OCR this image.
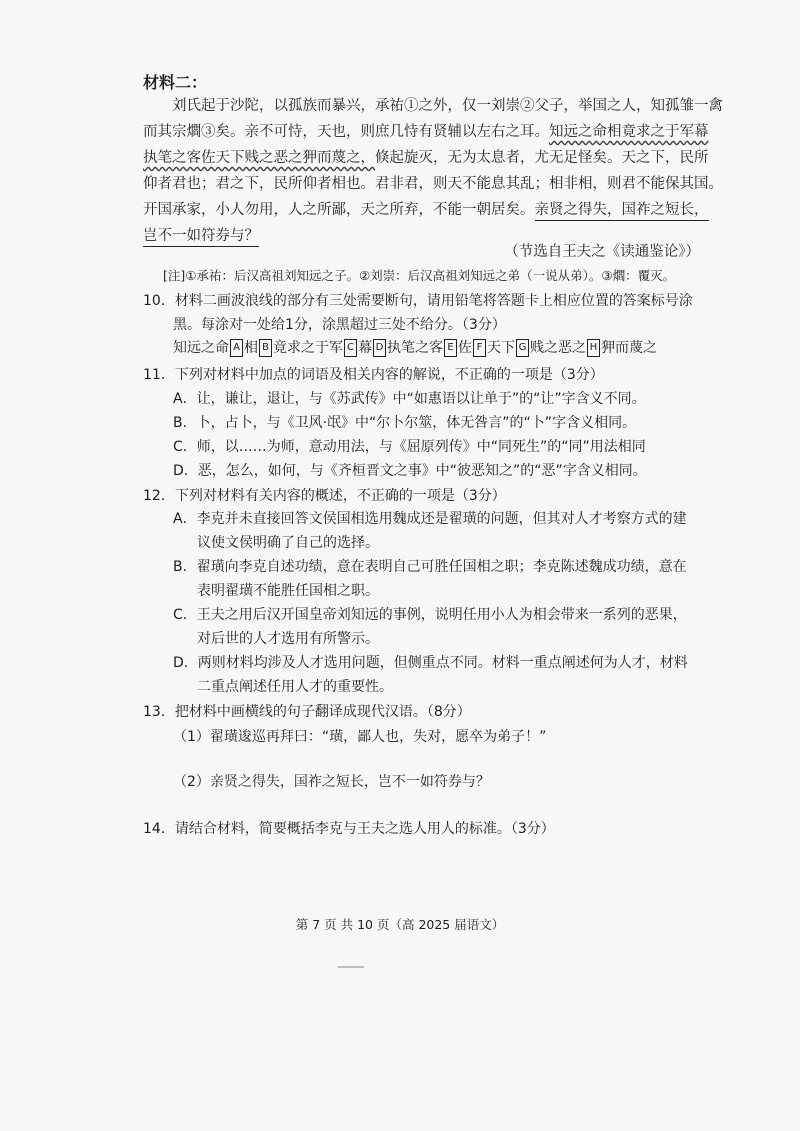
材料二：
刘氏起于沙陀，以孤族而暴兴，承祐①之外，仅一刘崇②父子，举国之人，知孤雏一禽
而其宗爓③矣。亲不可恃，天也，则庶几恃有贤辅以左右之耳。知远之命相竟求之于军幕
执笔之客佐天下贱之恶之狎而蔑之，倏起旋灭，无为太息者，尤无足怪矣。天之下，民所
仰者君也；君之下，民所仰者相也。君非君，则天不能息其乱；相非相，则君不能保其国。
开国承家，小人勿用，人之所鄙，天之所弃，不能一朝居矣。亲贤之得失，国祚之短长，
岂不一如符券与？
（节选自王夫之《读通鉴论》）
[注]①承祐：后汉高祖刘知远之子。②刘崇：后汉高祖刘知远之弟（一说从弟）。③爓：覆灭。
10．材料二画波浪线的部分有三处需要断句，请用铅笔将答题卡上相应位置的答案标号涂
黑。每涂对一处给1分，涂黑超过三处不给分。（3分）
知远之命 A 相 B 竟求之于军 C 幕 D 执笔之客 E 佐 F 天下 G 贱之恶之 H 狎而蔑之
11．下列对材料中加点的词语及相关内容的解说，不正确的一项是（3分）
A．让，谦让，退让，与《苏武传》中“如惠语以让单于”的“让”字含义不同。
B．卜，占卜，与《卫风·氓》中“尔卜尔筮，体无咎言”的“卜”字含义相同。
C．师，以……为师，意动用法，与《屈原列传》中“同死生”的“同”用法相同
D．恶，怎么，如何，与《齐桓晋文之事》中“彼恶知之”的“恶”字含义相同。
12．下列对材料有关内容的概述，不正确的一项是（3分）
A．李克并未直接回答文侯国相选用魏成还是翟璜的问题，但其对人才考察方式的建
议使文侯明确了自己的选择。
B．翟璜向李克自述功绩，意在表明自己可胜任国相之职；李克陈述魏成功绩，意在
表明翟璜不能胜任国相之职。
C．王夫之用后汉开国皇帝刘知远的事例，说明任用小人为相会带来一系列的恶果，
对后世的人才选用有所警示。
D．两则材料均涉及人才选用问题，但侧重点不同。材料一重点阐述何为人才，材料
二重点阐述任用人才的重要性。
13．把材料中画横线的句子翻译成现代汉语。（8分）
（1）翟璜逡巡再拜曰：“璜，鄙人也，失对，愿卒为弟子！”
（2）亲贤之得失，国祚之短长，岂不一如符券与？
14．请结合材料，简要概括李克与王夫之选人用人的标准。（3分）
第 7 页 共 10 页（高 2025 届语文）
